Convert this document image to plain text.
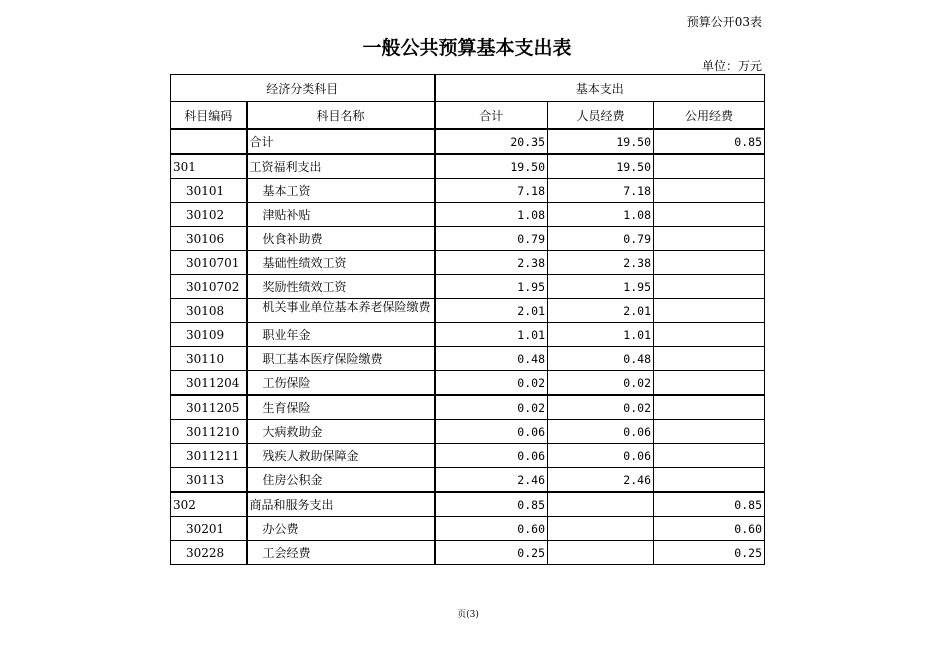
预算公开03表
一般公共预算基本支出表
单位：万元
经济分类科目		基本支出		
科目编码	科目名称	合计	人员经费	公用经费
	合计	20.35	19.50	0.85
301	工资福利支出	19.50	19.50	
30101	基本工资	7.18	7.18	
30102	津贴补贴	1.08	1.08	
30106	伙食补助费	0.79	0.79	
3010701	基础性绩效工资	2.38	2.38	
3010702	奖励性绩效工资	1.95	1.95	
30108	机关事业单位基本养老保险缴费	2.01	2.01	
30109	职业年金	1.01	1.01	
30110	职工基本医疗保险缴费	0.48	0.48	
3011204	工伤保险	0.02	0.02	
3011205	生育保险	0.02	0.02	
3011210	大病救助金	0.06	0.06	
3011211	残疾人救助保障金	0.06	0.06	
30113	住房公积金	2.46	2.46	
302	商品和服务支出	0.85		0.85
30201	办公费	0.60		0.60
30228	工会经费	0.25		0.25
页(3)
